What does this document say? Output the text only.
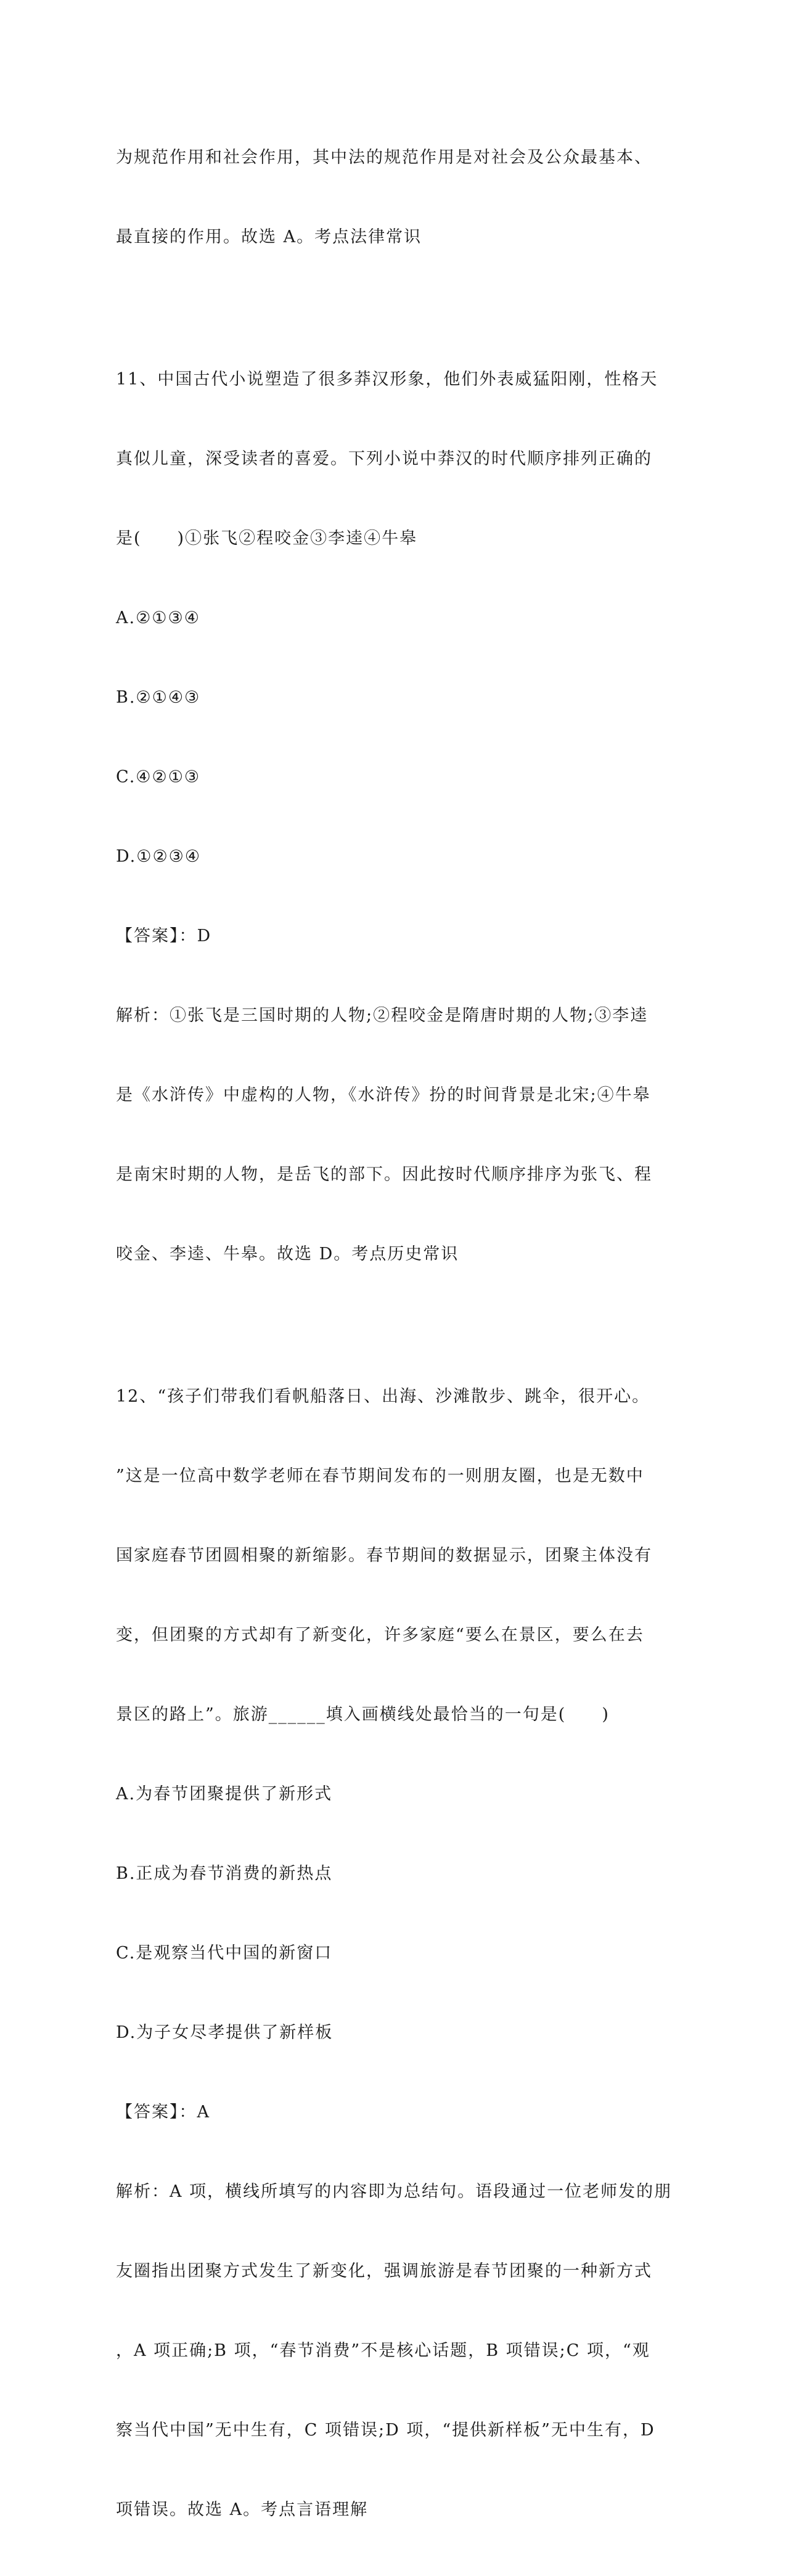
为规范作用和社会作用，其中法的规范作用是对社会及公众最基本、

最直接的作用。故选 A。考点法律常识

11、中国古代小说塑造了很多莽汉形象，他们外表威猛阳刚，性格天

真似儿童，深受读者的喜爱。下列小说中莽汉的时代顺序排列正确的

是(　　)①张飞②程咬金③李逵④牛皋

A.②①③④

B.②①④③

C.④②①③

D.①②③④

【答案】：D

解析：①张飞是三国时期的人物;②程咬金是隋唐时期的人物;③李逵

是《水浒传》中虚构的人物，《水浒传》扮的时间背景是北宋;④牛皋

是南宋时期的人物，是岳飞的部下。因此按时代顺序排序为张飞、程

咬金、李逵、牛皋。故选 D。考点历史常识

12、“孩子们带我们看帆船落日、出海、沙滩散步、跳伞，很开心。

”这是一位高中数学老师在春节期间发布的一则朋友圈，也是无数中

国家庭春节团圆相聚的新缩影。春节期间的数据显示，团聚主体没有

变，但团聚的方式却有了新变化，许多家庭“要么在景区，要么在去

景区的路上”。旅游______填入画横线处最恰当的一句是(　　)

A.为春节团聚提供了新形式

B.正成为春节消费的新热点

C.是观察当代中国的新窗口

D.为子女尽孝提供了新样板

【答案】：A

解析：A 项，横线所填写的内容即为总结句。语段通过一位老师发的朋

友圈指出团聚方式发生了新变化，强调旅游是春节团聚的一种新方式

，A 项正确;B 项，“春节消费”不是核心话题，B 项错误;C 项，“观

察当代中国”无中生有，C 项错误;D 项，“提供新样板”无中生有，D

项错误。故选 A。考点言语理解
